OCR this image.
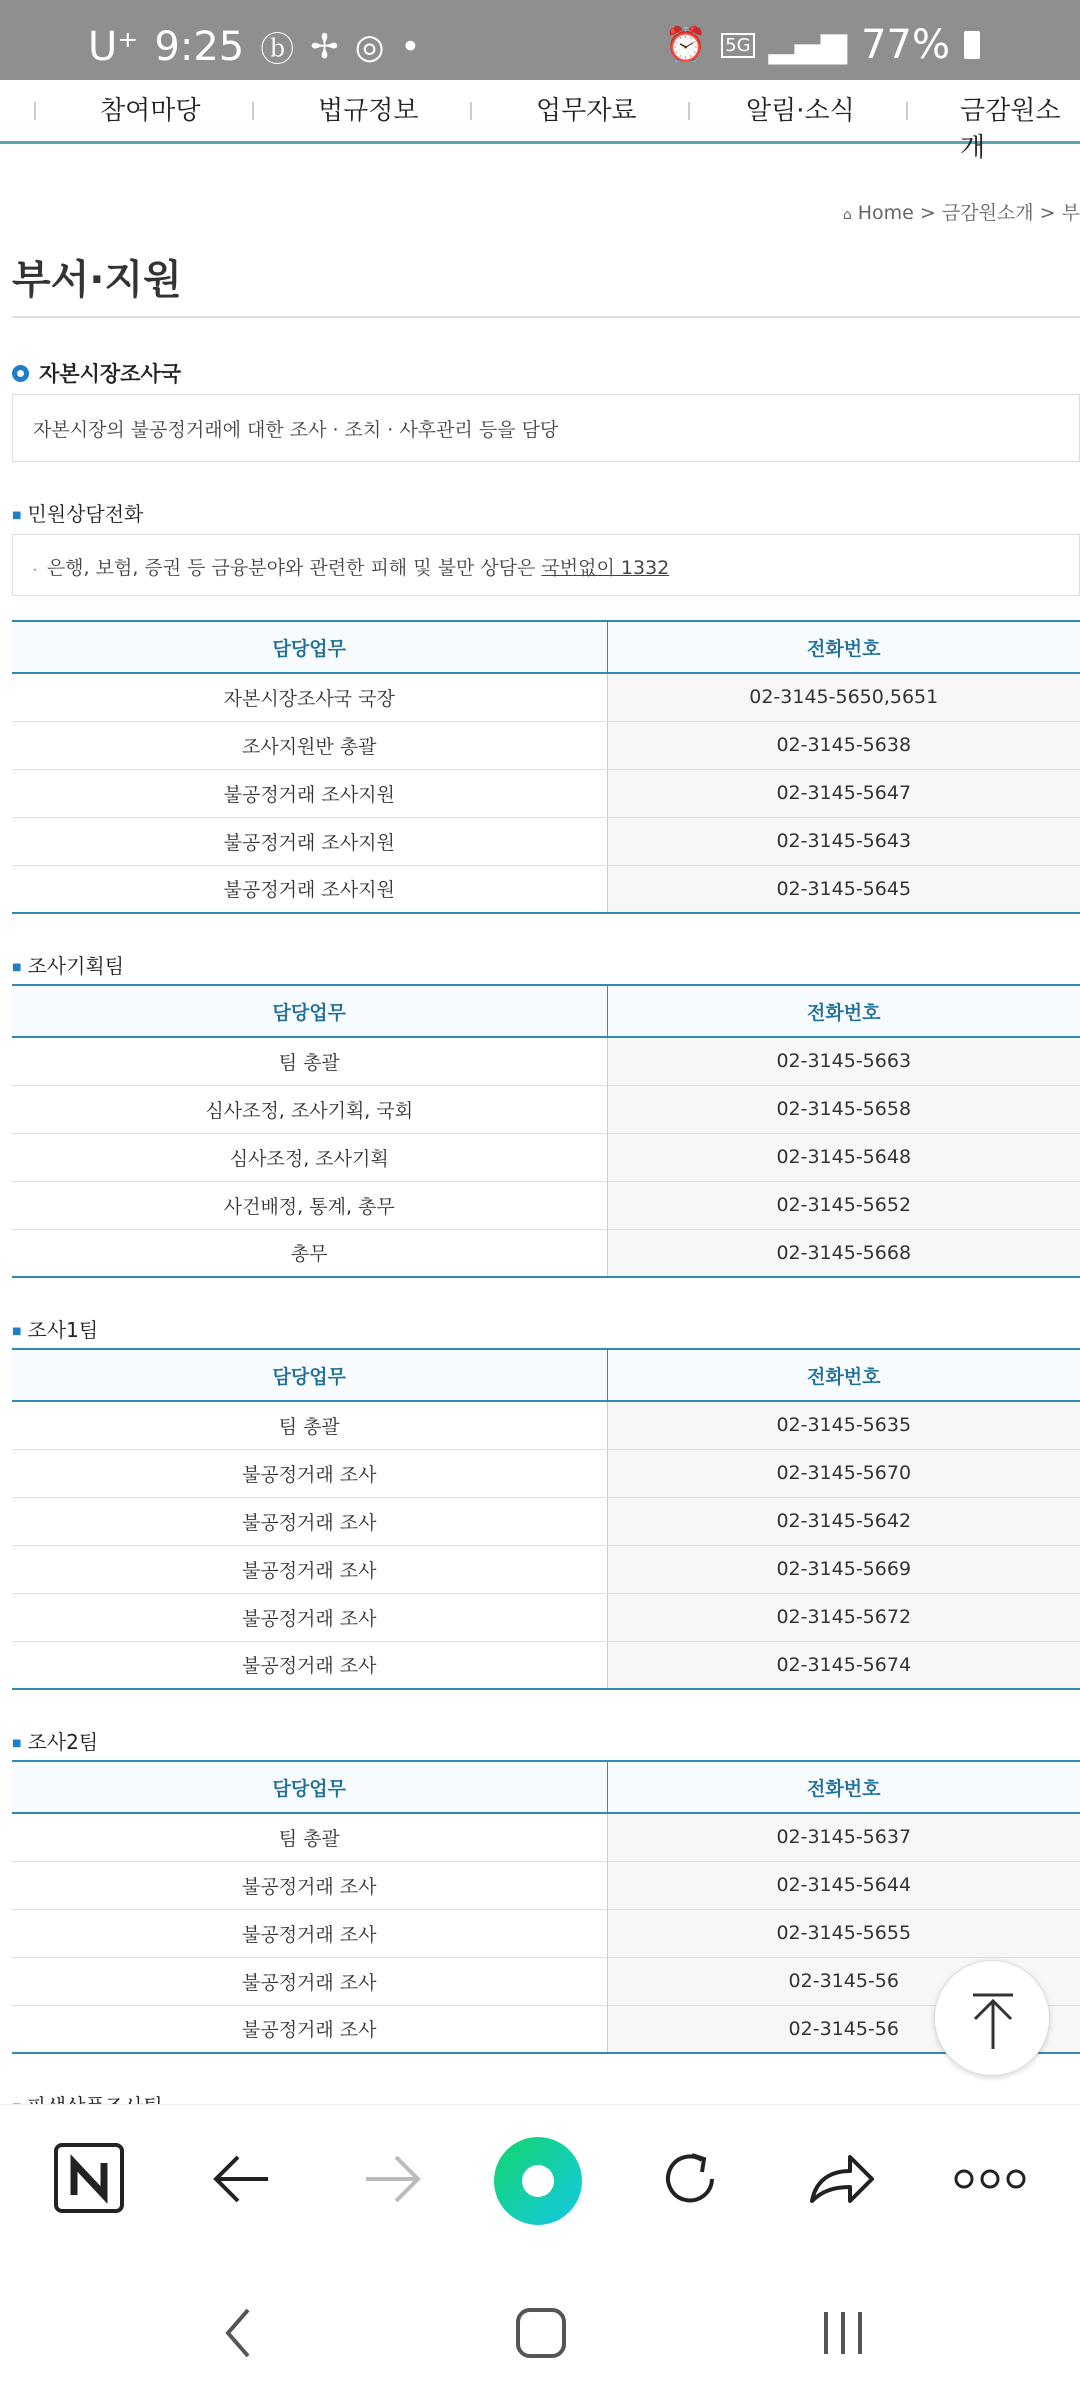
U⁺ 9:25 ⓑ ✢ ◎ •	⏰ 5G ▂▄▆ 77%
참여마당	법규정보	업무자료	알림·소식	금감원소개
⌂ Home > 금감원소개 > 부
부서·지원
자본시장조사국
자본시장의 불공정거래에 대한 조사 · 조치 · 사후관리 등을 담당
■ 민원상담전화
· 은행, 보험, 증권 등 금융분야와 관련한 피해 및 불만 상담은 국번없이 1332
담당업무	전화번호
자본시장조사국 국장	02-3145-5650,5651
조사지원반 총괄	02-3145-5638
불공정거래 조사지원	02-3145-5647
불공정거래 조사지원	02-3145-5643
불공정거래 조사지원	02-3145-5645
■ 조사기획팀
담당업무	전화번호
팀 총괄	02-3145-5663
심사조정, 조사기획, 국회	02-3145-5658
심사조정, 조사기획	02-3145-5648
사건배정, 통계, 총무	02-3145-5652
총무	02-3145-5668
■ 조사1팀
담당업무	전화번호
팀 총괄	02-3145-5635
불공정거래 조사	02-3145-5670
불공정거래 조사	02-3145-5642
불공정거래 조사	02-3145-5669
불공정거래 조사	02-3145-5672
불공정거래 조사	02-3145-5674
■ 조사2팀
담당업무	전화번호
팀 총괄	02-3145-5637
불공정거래 조사	02-3145-5644
불공정거래 조사	02-3145-5655
불공정거래 조사	02-3145-56
불공정거래 조사	02-3145-56
